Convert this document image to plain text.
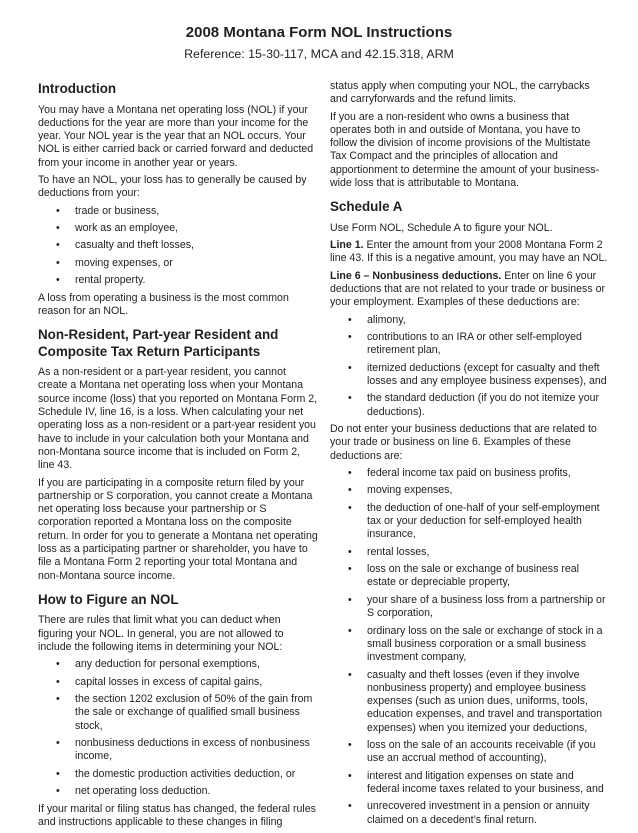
2008 Montana Form NOL Instructions
Reference: 15-30-117, MCA and 42.15.318, ARM
Introduction

You may have a Montana net operating loss (NOL) if your deductions for the year are more than your income for the year. Your NOL year is the year that an NOL occurs. Your NOL is either carried back or carried forward and deducted from your income in another year or years.

To have an NOL, your loss has to generally be caused by deductions from your:

• trade or business,
• work as an employee,
• casualty and theft losses,
• moving expenses, or
• rental property.

A loss from operating a business is the most common reason for an NOL.

Non-Resident, Part-year Resident and Composite Tax Return Participants

As a non-resident or a part-year resident, you cannot create a Montana net operating loss when your Montana source income (loss) that you reported on Montana Form 2, Schedule IV, line 16, is a loss. When calculating your net operating loss as a non-resident or a part-year resident you have to include in your calculation both your Montana and non-Montana source income that is included on Form 2, line 43.

If you are participating in a composite return filed by your partnership or S corporation, you cannot create a Montana net operating loss because your partnership or S corporation reported a Montana loss on the composite return. In order for you to generate a Montana net operating loss as a participating partner or shareholder, you have to file a Montana Form 2 reporting your total Montana and non-Montana source income.

How to Figure an NOL

There are rules that limit what you can deduct when figuring your NOL. In general, you are not allowed to include the following items in determining your NOL:

• any deduction for personal exemptions,
• capital losses in excess of capital gains,
• the section 1202 exclusion of 50% of the gain from the sale or exchange of qualified small business stock,
• nonbusiness deductions in excess of nonbusiness income,
• the domestic production activities deduction, or
• net operating loss deduction.

If your marital or filing status has changed, the federal rules and instructions applicable to these changes in filing

status apply when computing your NOL, the carrybacks and carryforwards and the refund limits.

If you are a non-resident who owns a business that operates both in and outside of Montana, you have to follow the division of income provisions of the Multistate Tax Compact and the principles of allocation and apportionment to determine the amount of your business-wide loss that is attributable to Montana.

Schedule A

Use Form NOL, Schedule A to figure your NOL.

Line 1. Enter the amount from your 2008 Montana Form 2 line 43. If this is a negative amount, you may have an NOL.

Line 6 – Nonbusiness deductions. Enter on line 6 your deductions that are not related to your trade or business or your employment. Examples of these deductions are:

• alimony,
• contributions to an IRA or other self-employed retirement plan,
• itemized deductions (except for casualty and theft losses and any employee business expenses), and
• the standard deduction (if you do not itemize your deductions).

Do not enter your business deductions that are related to your trade or business on line 6. Examples of these deductions are:

• federal income tax paid on business profits,
• moving expenses,
• the deduction of one-half of your self-employment tax or your deduction for self-employed health insurance,
• rental losses,
• loss on the sale or exchange of business real estate or depreciable property,
• your share of a business loss from a partnership or S corporation,
• ordinary loss on the sale or exchange of stock in a small business corporation or a small business investment company,
• casualty and theft losses (even if they involve nonbusiness property) and employee business expenses (such as union dues, uniforms, tools, education expenses, and travel and transportation expenses) when you itemized your deductions,
• loss on the sale of an accounts receivable (if you use an accrual method of accounting),
• interest and litigation expenses on state and federal income taxes related to your business, and
• unrecovered investment in a pension or annuity claimed on a decedent’s final return.
